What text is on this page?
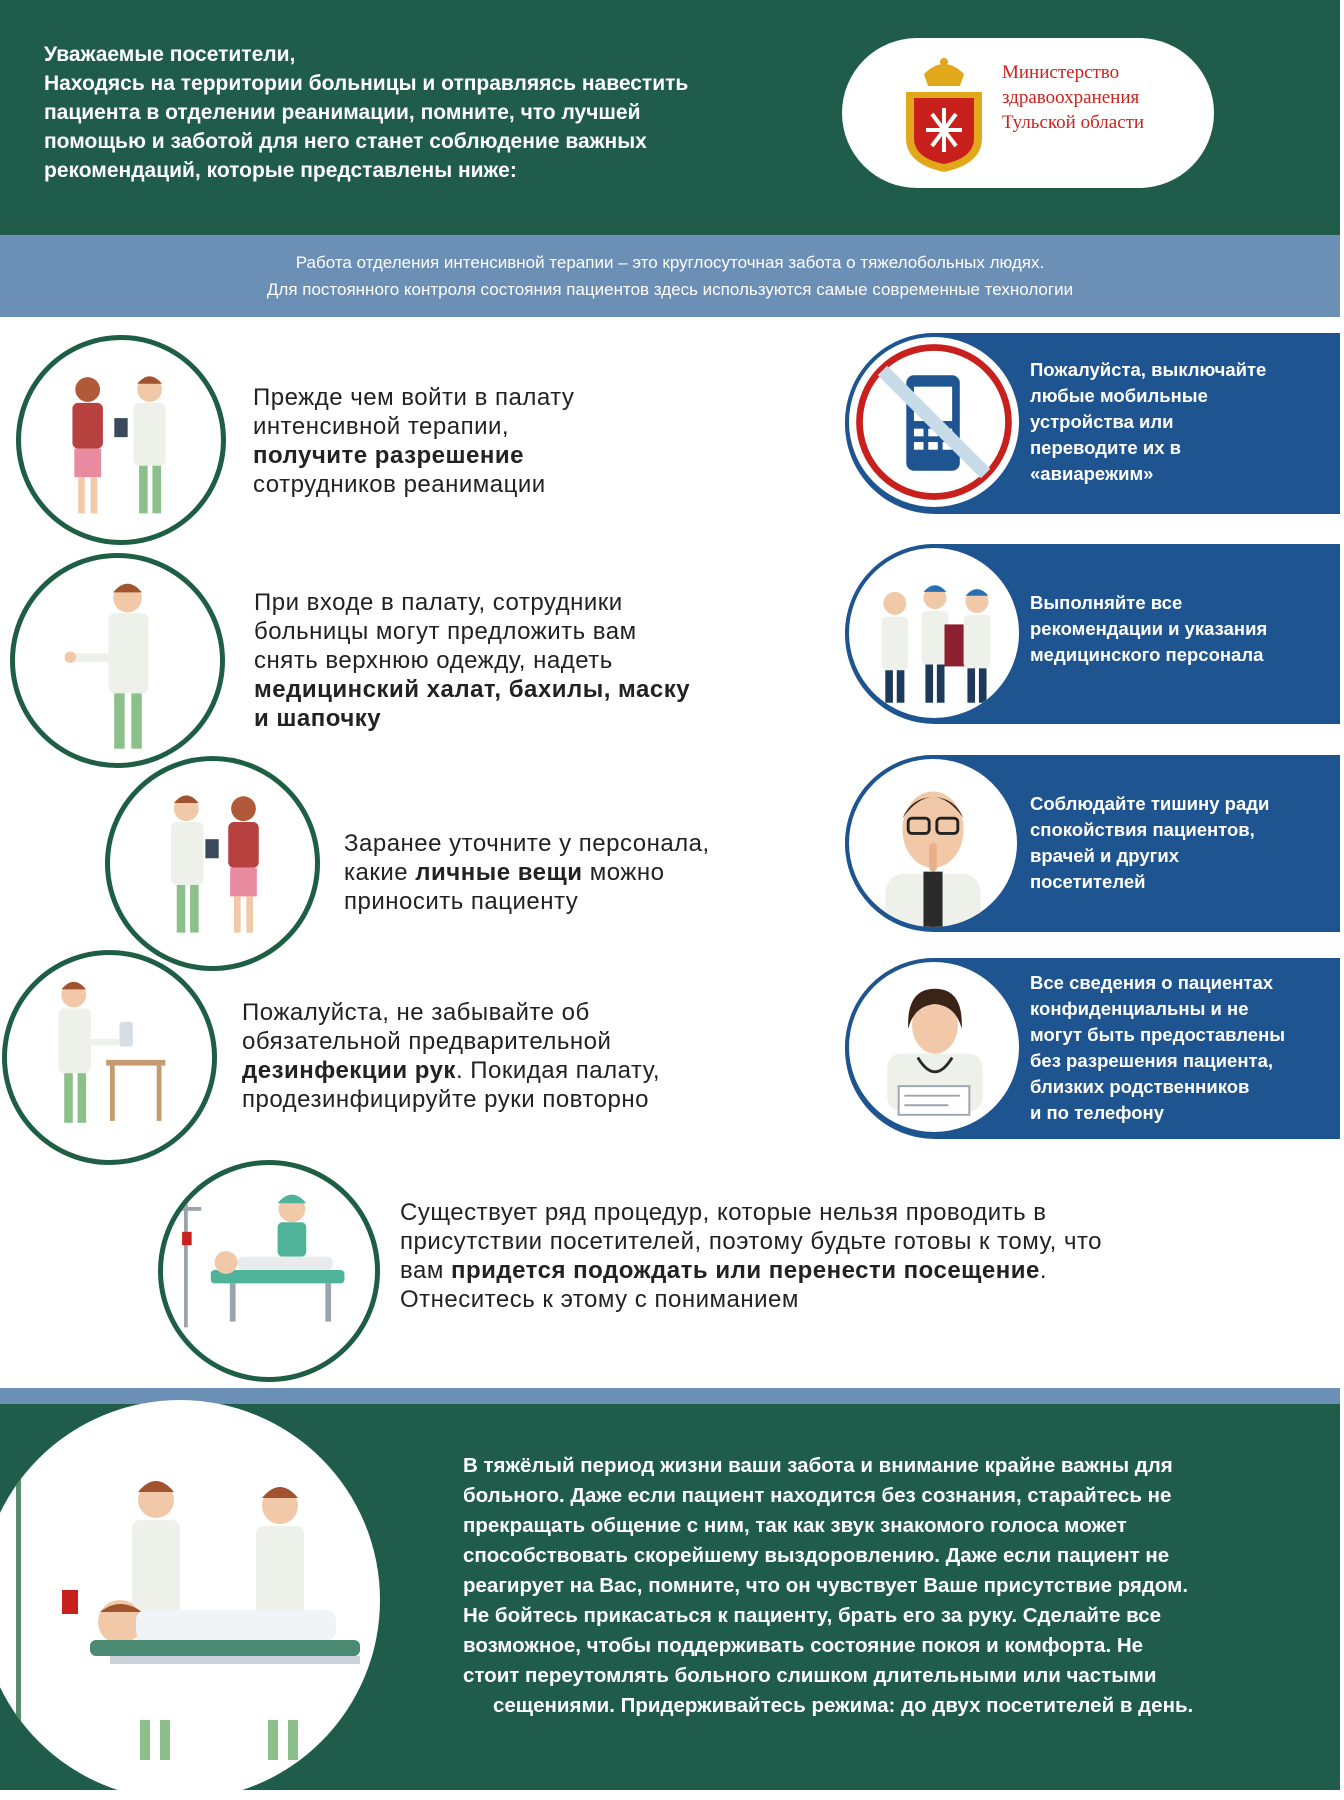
Уважаемые посетители,
Находясь на территории больницы и отправляясь навестить
пациента в отделении реанимации, помните, что лучшей
помощью и заботой для него станет соблюдение важных
рекомендаций, которые представлены ниже:
Министерство
здравоохранения
Тульской области
Работа отделения интенсивной терапии – это круглосуточная забота о тяжелобольных людях.
Для постоянного контроля состояния пациентов здесь используются самые современные технологии
Прежде чем войти в палату
интенсивной терапии,
получите разрешение
сотрудников реанимации
При входе в палату, сотрудники
больницы могут предложить вам
снять верхнюю одежду, надеть
медицинский халат, бахилы, маску
и шапочку
Заранее уточните у персонала,
какие личные вещи можно
приносить пациенту
Пожалуйста, не забывайте об
обязательной предварительной
дезинфекции рук. Покидая палату,
продезинфицируйте руки повторно
Существует ряд процедур, которые нельзя проводить в
присутствии посетителей, поэтому будьте готовы к тому, что
вам придется подождать или перенести посещение.
Отнеситесь к этому с пониманием
Пожалуйста, выключайте
любые мобильные
устройства или
переводите их в
«авиарежим»
Выполняйте все
рекомендации и указания
медицинского персонала
Соблюдайте тишину ради
спокойствия пациентов,
врачей и других
посетителей
Все сведения о пациентах
конфиденциальны и не
могут быть предоставлены
без разрешения пациента,
близких родственников
и по телефону
В тяжёлый период жизни ваши забота и внимание крайне важны для
больного. Даже если пациент находится без сознания, старайтесь не
прекращать общение с ним, так как звук знакомого голоса может
способствовать скорейшему выздоровлению. Даже если пациент не
реагирует на Вас, помните, что он чувствует Ваше присутствие рядом.
Не бойтесь прикасаться к пациенту, брать его за руку. Сделайте все
возможное, чтобы поддерживать состояние покоя и комфорта. Не
стоит переутомлять больного слишком длительными или частыми
сещениями. Придерживайтесь режима: до двух посетителей в день.
